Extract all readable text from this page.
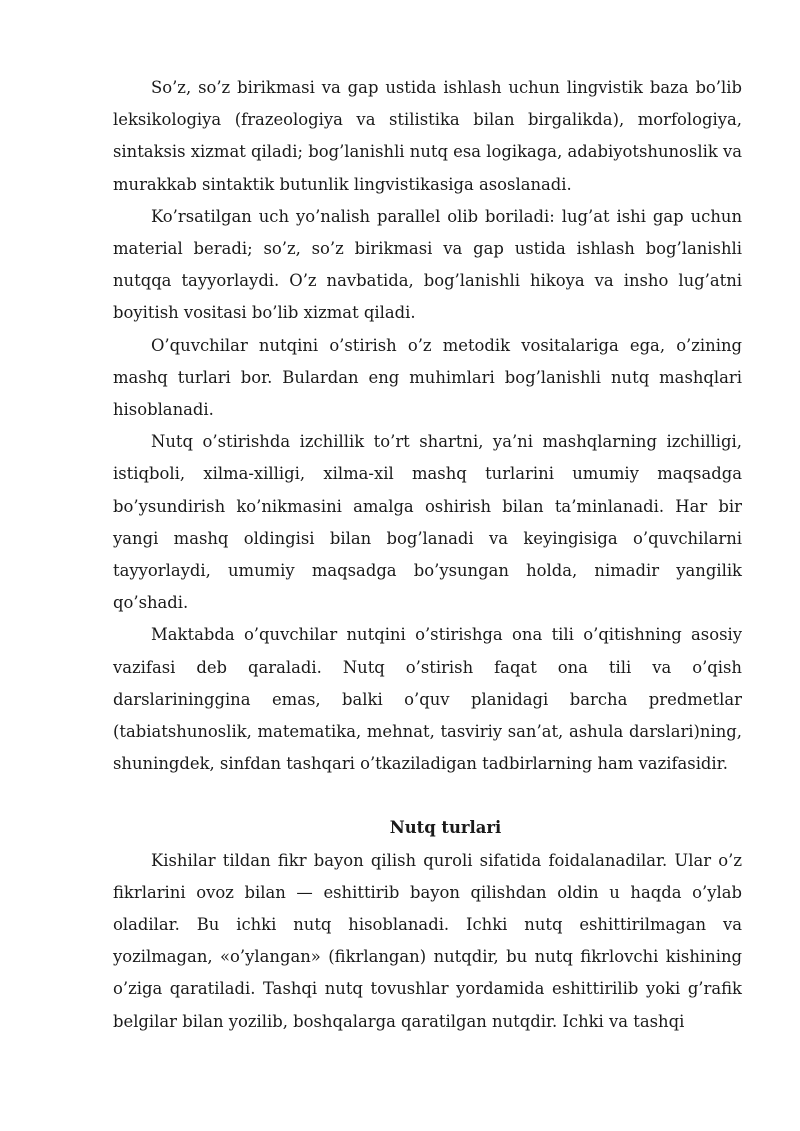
So’z, so’z birikmasi va gap ustida ishlash uchun lingvistik baza bo’lib leksikologiya (frazeologiya va stilistika bilan birgalikda), morfologiya, sintaksis xizmat qiladi; bog’lanishli nutq esa logikaga, adabiyotshunoslik va murakkab sintaktik butunlik lingvistikasiga asoslanadi.

Ko’rsatilgan uch yo’nalish parallel olib boriladi: lug’at ishi gap uchun material beradi; so’z, so’z birikmasi va gap ustida ishlash bog’lanishli nutqqa tayyorlaydi. O’z navbatida, bog’lanishli hikoya va insho lug’atni boyitish vositasi bo’lib xizmat qiladi.

O’quvchilar nutqini o’stirish o’z metodik vositalariga ega, o’zining mashq turlari bor. Bulardan eng muhimlari bog’lanishli nutq mashqlari hisoblanadi.

Nutq o’stirishda izchillik to’rt shartni, ya’ni mashqlarning izchilligi, istiqboli, xilma-xilligi, xilma-xil mashq turlarini umumiy maqsadga bo’ysundirish ko’nikmasini amalga oshirish bilan ta’minlanadi. Har bir yangi mashq oldingisi bilan bog’lanadi va keyingisiga o’quvchilarni tayyorlaydi, umumiy maqsadga bo’ysungan holda, nimadir yangilik qo’shadi.

Maktabda o’quvchilar nutqini o’stirishga ona tili o’qitishning asosiy vazifasi deb qaraladi. Nutq o’stirish faqat ona tili va o’qish darslariningginа emas, balki o’quv planidagi barcha predmetlar (tabiatshunoslik, matematika, mehnat, tasviriy san’at, ashula darslari)ning, shuningdek, sinfdan tashqari o’tkaziladigan tadbirlarning ham vazifasidir.

Nutq turlari

Kishilar tildan fikr bayon qilish quroli sifatida foidalanadilar. Ular o’z fikrlarini ovoz bilan — eshittirib bayon qilishdan oldin u haqda o’ylab oladilar. Bu ichki nutq hisoblanadi. Ichki nutq eshittirilmagan va yozilmagan, «o’ylangan» (fikrlangan) nutqdir, bu nutq fikrlovchi kishining o’ziga qaratiladi. Tashqi nutq tovushlar yordamida eshittirilib yoki g’rafik belgilar bilan yozilib, boshqalarga qaratilgan nutqdir. Ichki va tashqi
